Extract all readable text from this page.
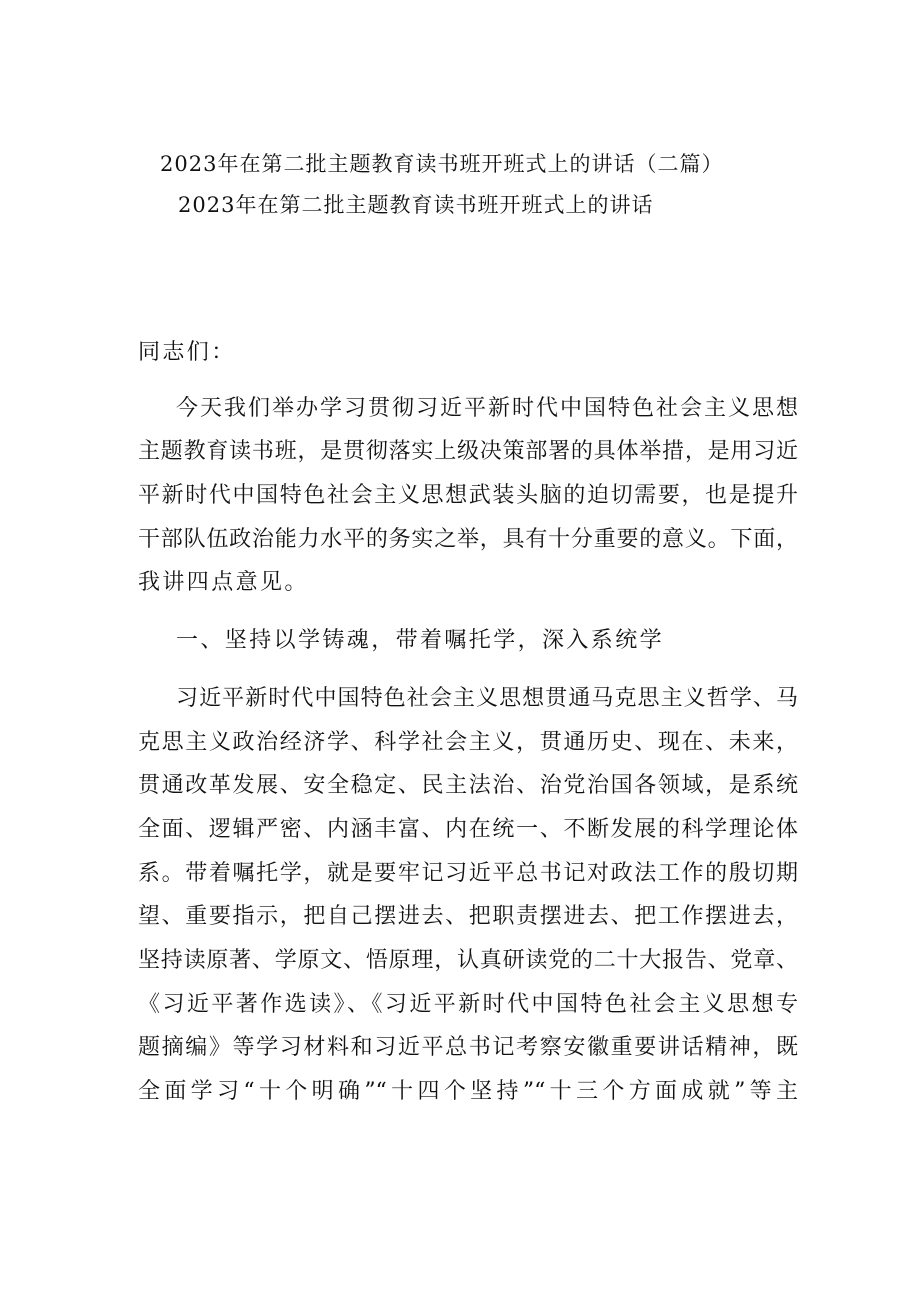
2023年在第二批主题教育读书班开班式上的讲话（二篇）
2023年在第二批主题教育读书班开班式上的讲话
同志们：
今天我们举办学习贯彻习近平新时代中国特色社会主义思想
主题教育读书班，是贯彻落实上级决策部署的具体举措，是用习近
平新时代中国特色社会主义思想武装头脑的迫切需要，也是提升
干部队伍政治能力水平的务实之举，具有十分重要的意义。下面，
我讲四点意见。
一、坚持以学铸魂，带着嘱托学，深入系统学
习近平新时代中国特色社会主义思想贯通马克思主义哲学、马
克思主义政治经济学、科学社会主义，贯通历史、现在、未来，
贯通改革发展、安全稳定、民主法治、治党治国各领域，是系统
全面、逻辑严密、内涵丰富、内在统一、不断发展的科学理论体
系。带着嘱托学，就是要牢记习近平总书记对政法工作的殷切期
望、重要指示，把自己摆进去、把职责摆进去、把工作摆进去，
坚持读原著、学原文、悟原理，认真研读党的二十大报告、党章、
《习近平著作选读》、《习近平新时代中国特色社会主义思想专
题摘编》等学习材料和习近平总书记考察安徽重要讲话精神，既
全面学习“十个明确”“十四个坚持”“十三个方面成就”等主
